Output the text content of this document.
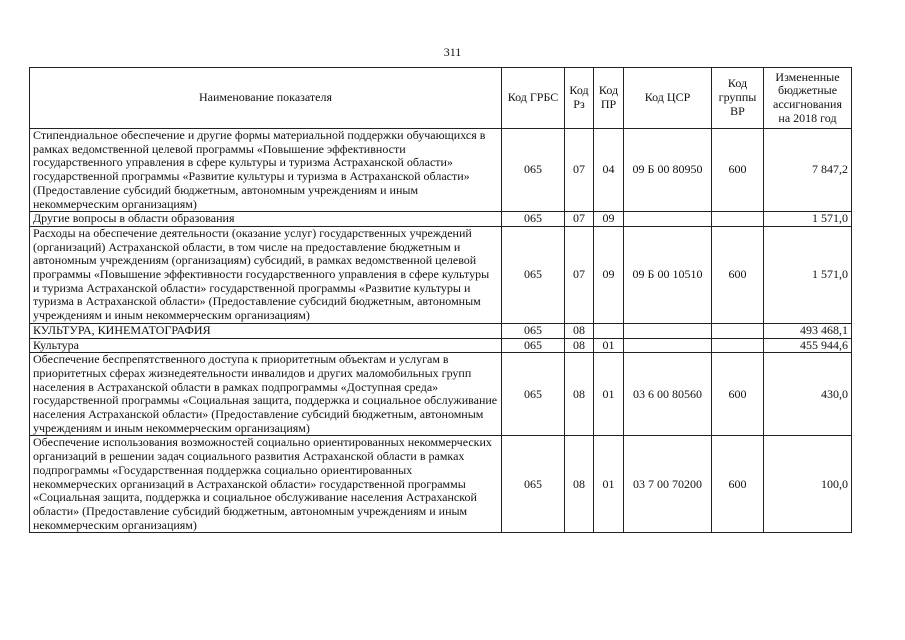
311
Наименование показателя	Код ГРБС	Код Рз	Код ПР	Код ЦСР	Код группы ВР	Измененные бюджетные ассигнования на 2018 год
Стипендиальное обеспечение и другие формы материальной поддержки обучающихся в рамках ведомственной целевой программы «Повышение эффективности государственного управления в сфере культуры и туризма Астраханской области» государственной программы «Развитие культуры и туризма в Астраханской области» (Предоставление субсидий бюджетным, автономным учреждениям и иным некоммерческим организациям)	065	07	04	09 Б 00 80950	600	7 847,2
Другие вопросы в области образования	065	07	09			1 571,0
Расходы на обеспечение деятельности (оказание услуг) государственных учреждений (организаций) Астраханской области, в том числе на предоставление бюджетным и автономным учреждениям (организациям) субсидий, в рамках ведомственной целевой программы «Повышение эффективности государственного управления в сфере культуры и туризма Астраханской области» государственной программы «Развитие культуры и туризма в Астраханской области» (Предоставление субсидий бюджетным, автономным учреждениям и иным некоммерческим организациям)	065	07	09	09 Б 00 10510	600	1 571,0
КУЛЬТУРА, КИНЕМАТОГРАФИЯ	065	08				493 468,1
Культура	065	08	01			455 944,6
Обеспечение беспрепятственного доступа к приоритетным объектам и услугам в приоритетных сферах жизнедеятельности инвалидов и других маломобильных групп населения в Астраханской области в рамках подпрограммы «Доступная среда» государственной программы «Социальная защита, поддержка и социальное обслуживание населения Астраханской области» (Предоставление субсидий бюджетным, автономным учреждениям и иным некоммерческим организациям)	065	08	01	03 6 00 80560	600	430,0
Обеспечение использования возможностей социально ориентированных некоммерческих организаций в решении задач социального развития Астраханской области в рамках подпрограммы «Государственная поддержка социально ориентированных некоммерческих организаций в Астраханской области» государственной программы «Социальная защита, поддержка и социальное обслуживание населения Астраханской области» (Предоставление субсидий бюджетным, автономным учреждениям и иным некоммерческим организациям)	065	08	01	03 7 00 70200	600	100,0
